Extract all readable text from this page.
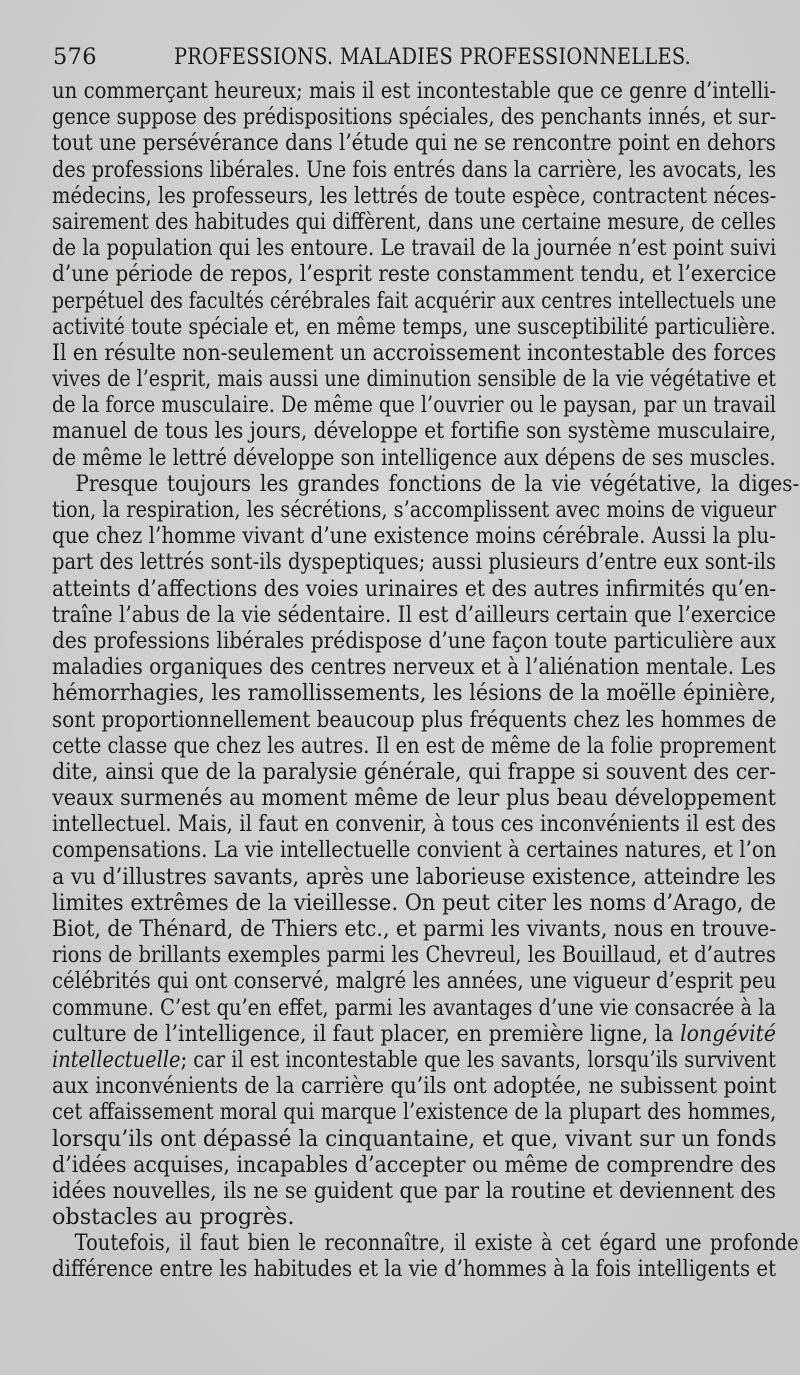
576	PROFESSIONS. MALADIES PROFESSIONNELLES.
un commerçant heureux; mais il est incontestable que ce genre d’intelli-
gence suppose des prédispositions spéciales, des penchants innés, et sur-
tout une persévérance dans l’étude qui ne se rencontre point en dehors
des professions libérales. Une fois entrés dans la carrière, les avocats, les
médecins, les professeurs, les lettrés de toute espèce, contractent néces-
sairement des habitudes qui diffèrent, dans une certaine mesure, de celles
de la population qui les entoure. Le travail de la journée n’est point suivi
d’une période de repos, l’esprit reste constamment tendu, et l’exercice
perpétuel des facultés cérébrales fait acquérir aux centres intellectuels une
activité toute spéciale et, en même temps, une susceptibilité particulière.
Il en résulte non-seulement un accroissement incontestable des forces
vives de l’esprit, mais aussi une diminution sensible de la vie végétative et
de la force musculaire. De même que l’ouvrier ou le paysan, par un travail
manuel de tous les jours, développe et fortifie son système musculaire,
de même le lettré développe son intelligence aux dépens de ses muscles.
Presque toujours les grandes fonctions de la vie végétative, la diges-
tion, la respiration, les sécrétions, s’accomplissent avec moins de vigueur
que chez l’homme vivant d’une existence moins cérébrale. Aussi la plu-
part des lettrés sont-ils dyspeptiques; aussi plusieurs d’entre eux sont-ils
atteints d’affections des voies urinaires et des autres infirmités qu’en-
traîne l’abus de la vie sédentaire. Il est d’ailleurs certain que l’exercice
des professions libérales prédispose d’une façon toute particulière aux
maladies organiques des centres nerveux et à l’aliénation mentale. Les
hémorrhagies, les ramollissements, les lésions de la moëlle épinière,
sont proportionnellement beaucoup plus fréquents chez les hommes de
cette classe que chez les autres. Il en est de même de la folie proprement
dite, ainsi que de la paralysie générale, qui frappe si souvent des cer-
veaux surmenés au moment même de leur plus beau développement
intellectuel. Mais, il faut en convenir, à tous ces inconvénients il est des
compensations. La vie intellectuelle convient à certaines natures, et l’on
a vu d’illustres savants, après une laborieuse existence, atteindre les
limites extrêmes de la vieillesse. On peut citer les noms d’Arago, de
Biot, de Thénard, de Thiers etc., et parmi les vivants, nous en trouve-
rions de brillants exemples parmi les Chevreul, les Bouillaud, et d’autres
célébrités qui ont conservé, malgré les années, une vigueur d’esprit peu
commune. C’est qu’en effet, parmi les avantages d’une vie consacrée à la
culture de l’intelligence, il faut placer, en première ligne, la longévité
intellectuelle; car il est incontestable que les savants, lorsqu’ils survivent
aux inconvénients de la carrière qu’ils ont adoptée, ne subissent point
cet affaissement moral qui marque l’existence de la plupart des hommes,
lorsqu’ils ont dépassé la cinquantaine, et que, vivant sur un fonds
d’idées acquises, incapables d’accepter ou même de comprendre des
idées nouvelles, ils ne se guident que par la routine et deviennent des
obstacles au progrès.
Toutefois, il faut bien le reconnaître, il existe à cet égard une profonde
différence entre les habitudes et la vie d’hommes à la fois intelligents et
